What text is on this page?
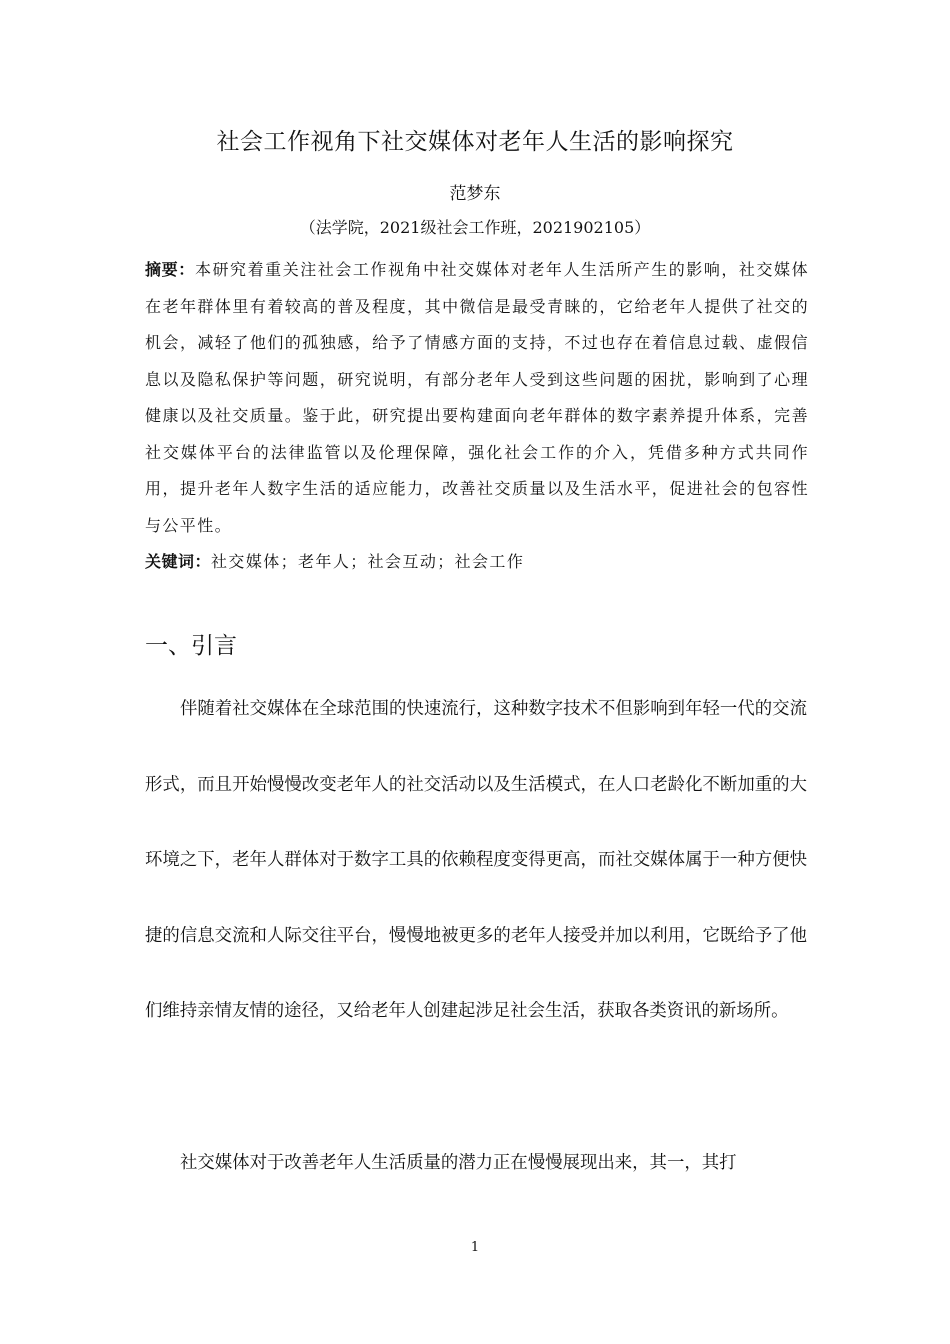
社会工作视角下社交媒体对老年人生活的影响探究
范梦东
（法学院，2021级社会工作班，2021902105）
摘要：本研究着重关注社会工作视角中社交媒体对老年人生活所产生的影响，社交媒体在老年群体里有着较高的普及程度，其中微信是最受青睐的，它给老年人提供了社交的机会，减轻了他们的孤独感，给予了情感方面的支持，不过也存在着信息过载、虚假信息以及隐私保护等问题，研究说明，有部分老年人受到这些问题的困扰，影响到了心理健康以及社交质量。鉴于此，研究提出要构建面向老年群体的数字素养提升体系，完善社交媒体平台的法律监管以及伦理保障，强化社会工作的介入，凭借多种方式共同作用，提升老年人数字生活的适应能力，改善社交质量以及生活水平，促进社会的包容性与公平性。
关键词：社交媒体；老年人；社会互动；社会工作
一、引言

伴随着社交媒体在全球范围的快速流行，这种数字技术不但影响到年轻一代的交流形式，而且开始慢慢改变老年人的社交活动以及生活模式，在人口老龄化不断加重的大环境之下，老年人群体对于数字工具的依赖程度变得更高，而社交媒体属于一种方便快捷的信息交流和人际交往平台，慢慢地被更多的老年人接受并加以利用，它既给予了他们维持亲情友情的途径，又给老年人创建起涉足社会生活，获取各类资讯的新场所。

社交媒体对于改善老年人生活质量的潜力正在慢慢展现出来，其一，其打

1
